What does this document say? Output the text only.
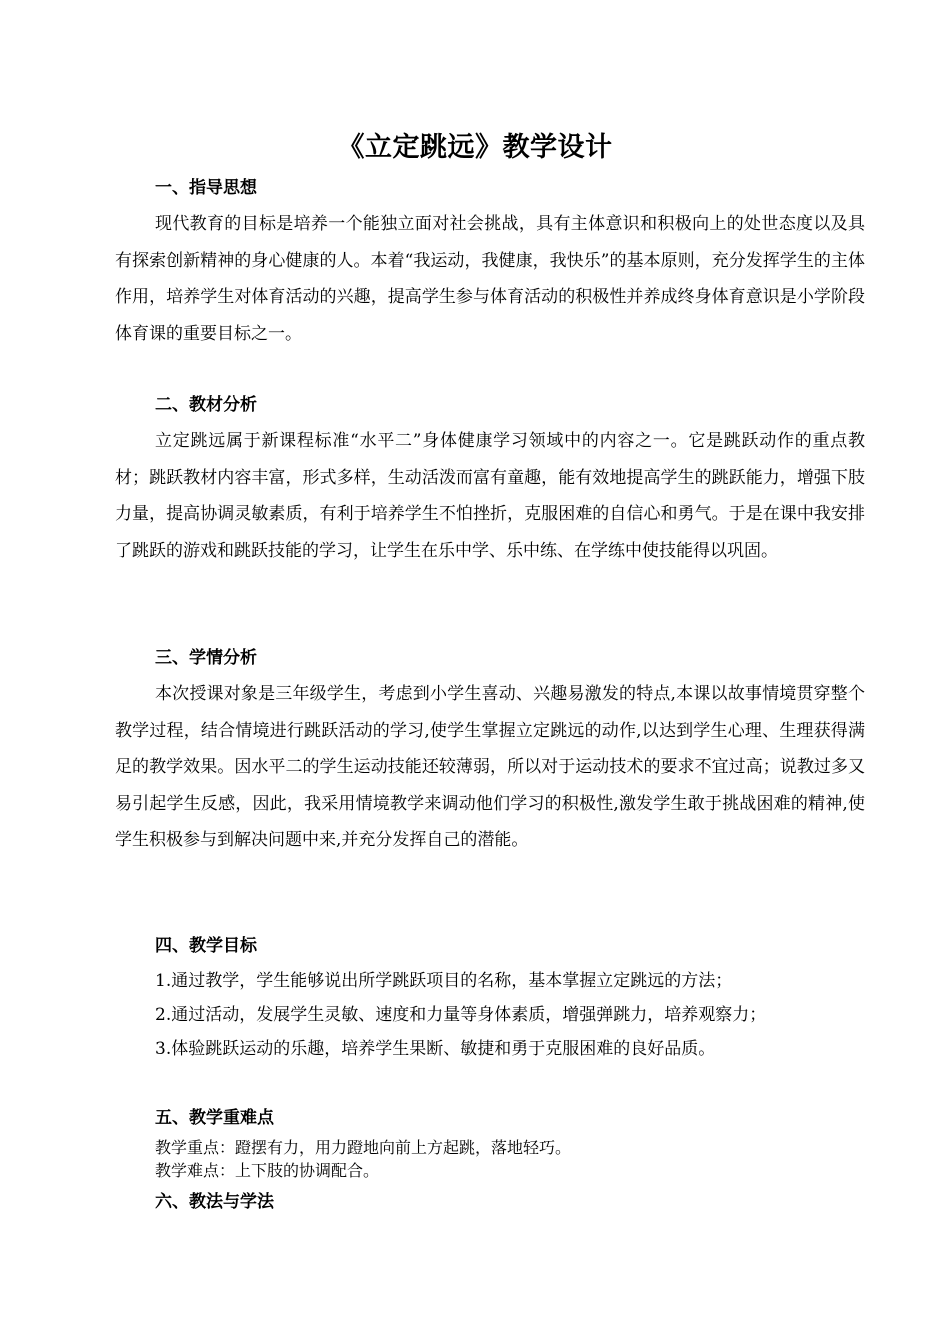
《立定跳远》教学设计

一、指导思想

现代教育的目标是培养一个能独立面对社会挑战，具有主体意识和积极向上的处世态度以及具有探索创新精神的身心健康的人。本着“我运动，我健康，我快乐”的基本原则，充分发挥学生的主体作用，培养学生对体育活动的兴趣，提高学生参与体育活动的积极性并养成终身体育意识是小学阶段体育课的重要目标之一。

二、教材分析

立定跳远属于新课程标准“水平二”身体健康学习领域中的内容之一。它是跳跃动作的重点教材；跳跃教材内容丰富，形式多样，生动活泼而富有童趣，能有效地提高学生的跳跃能力，增强下肢力量，提高协调灵敏素质，有利于培养学生不怕挫折，克服困难的自信心和勇气。于是在课中我安排了跳跃的游戏和跳跃技能的学习，让学生在乐中学、乐中练、在学练中使技能得以巩固。

三、学情分析

本次授课对象是三年级学生，考虑到小学生喜动、兴趣易激发的特点,本课以故事情境贯穿整个教学过程，结合情境进行跳跃活动的学习,使学生掌握立定跳远的动作,以达到学生心理、生理获得满足的教学效果。因水平二的学生运动技能还较薄弱，所以对于运动技术的要求不宜过高；说教过多又易引起学生反感，因此，我采用情境教学来调动他们学习的积极性,激发学生敢于挑战困难的精神,使学生积极参与到解决问题中来,并充分发挥自己的潜能。

四、教学目标

1.通过教学，学生能够说出所学跳跃项目的名称，基本掌握立定跳远的方法；
2.通过活动，发展学生灵敏、速度和力量等身体素质，增强弹跳力，培养观察力；
3.体验跳跃运动的乐趣，培养学生果断、敏捷和勇于克服困难的良好品质。

五、教学重难点

教学重点：蹬摆有力，用力蹬地向前上方起跳，落地轻巧。

教学难点：上下肢的协调配合。

六、教法与学法
